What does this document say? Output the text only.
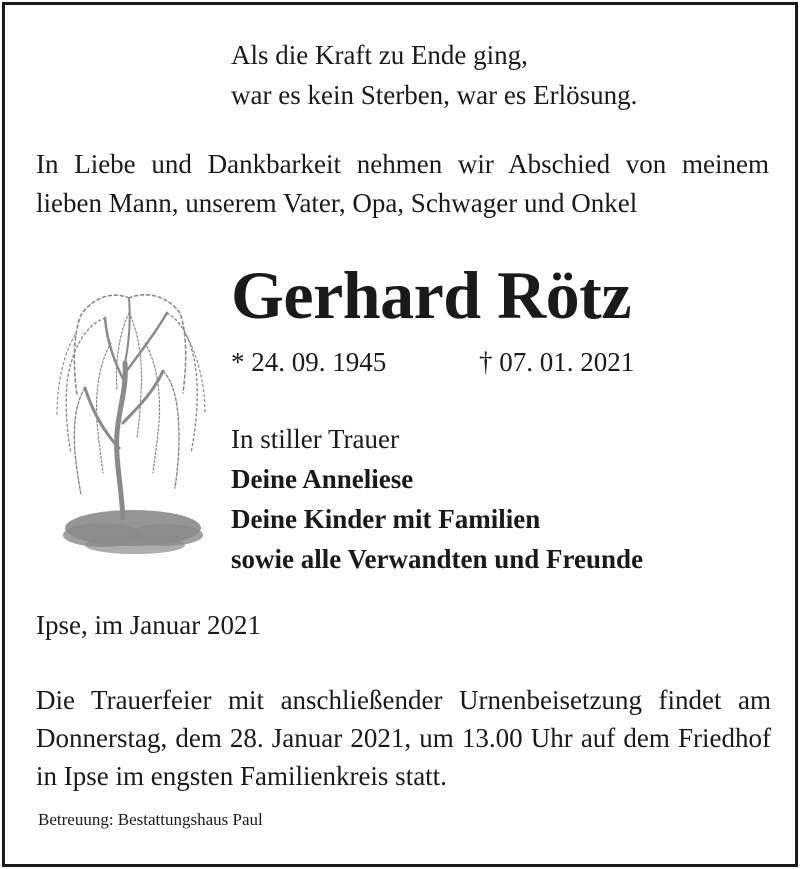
Als die Kraft zu Ende ging,
war es kein Sterben, war es Erlösung.
In Liebe und Dankbarkeit nehmen wir Abschied von meinem lieben Mann, unserem Vater, Opa, Schwager und Onkel
Gerhard Rötz
* 24. 09. 1945	† 07. 01. 2021
In stiller Trauer
Deine Anneliese
Deine Kinder mit Familien
sowie alle Verwandten und Freunde
Ipse, im Januar 2021
Die Trauerfeier mit anschließender Urnenbeisetzung findet am Donnerstag, dem 28. Januar 2021, um 13.00 Uhr auf dem Friedhof in Ipse im engsten Familienkreis statt.
Betreuung: Bestattungshaus Paul
